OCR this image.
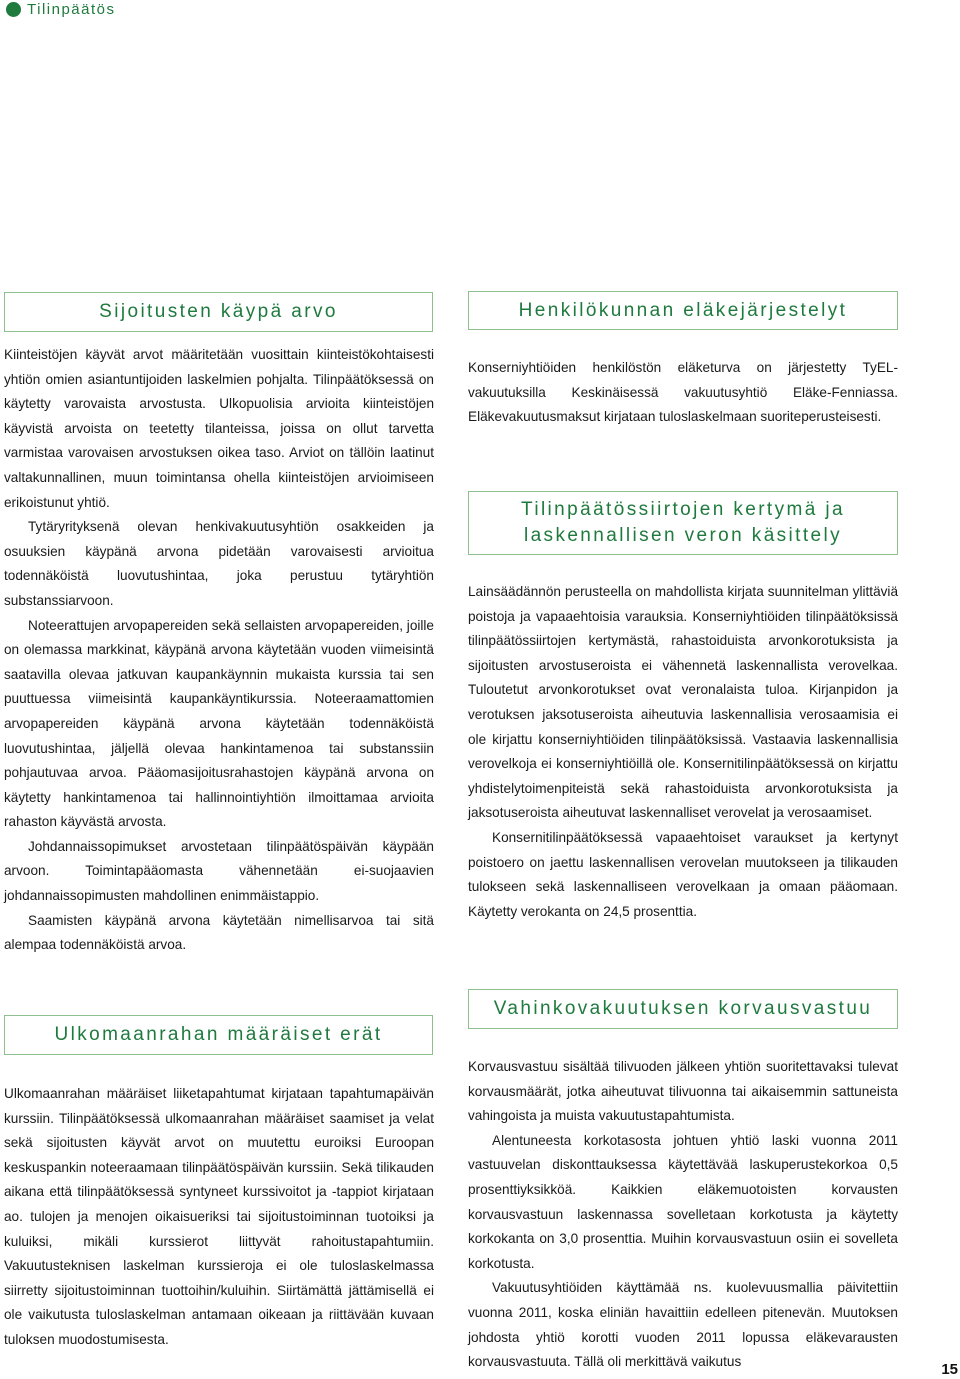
Tilinpäätös
Sijoitusten käypä arvo

Kiinteistöjen käyvät arvot määritetään vuosittain kiinteistökohtaisesti yhtiön omien asiantuntijoiden laskelmien pohjalta. Tilinpäätöksessä on käytetty varovaista arvostusta. Ulkopuolisia arvioita kiinteistöjen käyvistä arvoista on teetetty tilanteissa, joissa on ollut tarvetta varmistaa varovaisen arvostuksen oikea taso. Arviot on tällöin laatinut valtakunnallinen, muun toimintansa ohella kiinteistöjen arvioimiseen erikoistunut yhtiö.

Tytäryrityksenä olevan henkivakuutusyhtiön osakkeiden ja osuuksien käypänä arvona pidetään varovaisesti arvioitua todennäköistä luovutushintaa, joka perustuu tytäryhtiön substanssiarvoon.

Noteerattujen arvopapereiden sekä sellaisten arvopapereiden, joille on olemassa markkinat, käypänä arvona käytetään vuoden viimeisintä saatavilla olevaa jatkuvan kaupankäynnin mukaista kurssia tai sen puuttuessa viimeisintä kaupankäyntikurssia. Noteeraamattomien arvopapereiden käypänä arvona käytetään todennäköistä luovutushintaa, jäljellä olevaa hankintamenoa tai substanssiin pohjautuvaa arvoa. Pääomasijoitusrahastojen käypänä arvona on käytetty hankintamenoa tai hallinnointiyhtiön ilmoittamaa arvioita rahaston käyvästä arvosta.

Johdannaissopimukset arvostetaan tilinpäätöspäivän käypään arvoon. Toimintapääomasta vähennetään ei-suojaavien johdannaissopimusten mahdollinen enimmäistappio.

Saamisten käypänä arvona käytetään nimellisarvoa tai sitä alempaa todennäköistä arvoa.

Ulkomaanrahan määräiset erät

Ulkomaanrahan määräiset liiketapahtumat kirjataan tapahtumapäivän kurssiin. Tilinpäätöksessä ulkomaanrahan määräiset saamiset ja velat sekä sijoitusten käyvät arvot on muutettu euroiksi Euroopan keskuspankin noteeraamaan tilinpäätöspäivän kurssiin. Sekä tilikauden aikana että tilinpäätöksessä syntyneet kurssivoitot ja -tappiot kirjataan ao. tulojen ja menojen oikaisueriksi tai sijoitustoiminnan tuotoiksi ja kuluiksi, mikäli kurssierot liittyvät rahoitustapahtumiin. Vakuutusteknisen laskelman kurssieroja ei ole tuloslaskelmassa siirretty sijoitustoiminnan tuottoihin/kuluihin. Siirtämättä jättämisellä ei ole vaikutusta tuloslaskelman antamaan oikeaan ja riittävään kuvaan tuloksen muodostumisesta.

Henkilökunnan eläkejärjestelyt

Konserniyhtiöiden henkilöstön eläketurva on järjestetty TyEL-vakuutuksilla Keskinäisessä vakuutusyhtiö Eläke-Fenniassa. Eläkevakuutusmaksut kirjataan tuloslaskelmaan suoriteperusteisesti.

Tilinpäätössiirtojen kertymä ja laskennallisen veron käsittely

Lainsäädännön perusteella on mahdollista kirjata suunnitelman ylittäviä poistoja ja vapaaehtoisia varauksia. Konserniyhtiöiden tilinpäätöksissä tilinpäätössiirtojen kertymästä, rahastoiduista arvonkorotuksista ja sijoitusten arvostuseroista ei vähennetä laskennallista verovelkaa. Tuloutetut arvonkorotukset ovat veronalaista tuloa. Kirjanpidon ja verotuksen jaksotuseroista aiheutuvia laskennallisia verosaamisia ei ole kirjattu konserniyhtiöiden tilinpäätöksissä. Vastaavia laskennallisia verovelkoja ei konserniyhtiöillä ole. Konsernitilinpäätöksessä on kirjattu yhdistelytoimenpiteistä sekä rahastoiduista arvonkorotuksista ja jaksotuseroista aiheutuvat laskennalliset verovelat ja verosaamiset.

Konsernitilinpäätöksessä vapaaehtoiset varaukset ja kertynyt poistoero on jaettu laskennallisen verovelan muutokseen ja tilikauden tulokseen sekä laskennalliseen verovelkaan ja omaan pääomaan. Käytetty verokanta on 24,5 prosenttia.

Vahinkovakuutuksen korvausvastuu

Korvausvastuu sisältää tilivuoden jälkeen yhtiön suoritettavaksi tulevat korvausmäärät, jotka aiheutuvat tilivuonna tai aikaisemmin sattuneista vahingoista ja muista vakuutustapahtumista.

Alentuneesta korkotasosta johtuen yhtiö laski vuonna 2011 vastuuvelan diskonttauksessa käytettävää laskuperustekorkoa 0,5 prosenttiyksikköä. Kaikkien eläkemuotoisten korvausten korvausvastuun laskennassa sovelletaan korkotusta ja käytetty korkokanta on 3,0 prosenttia. Muihin korvausvastuun osiin ei sovelleta korkotusta.

Vakuutusyhtiöiden käyttämää ns. kuolevuusmallia päivitettiin vuonna 2011, koska eliniän havaittiin edelleen pitenevän. Muutoksen johdosta yhtiö korotti vuoden 2011 lopussa eläkevarausten korvausvastuuta. Tällä oli merkittävä vaikutus	15
